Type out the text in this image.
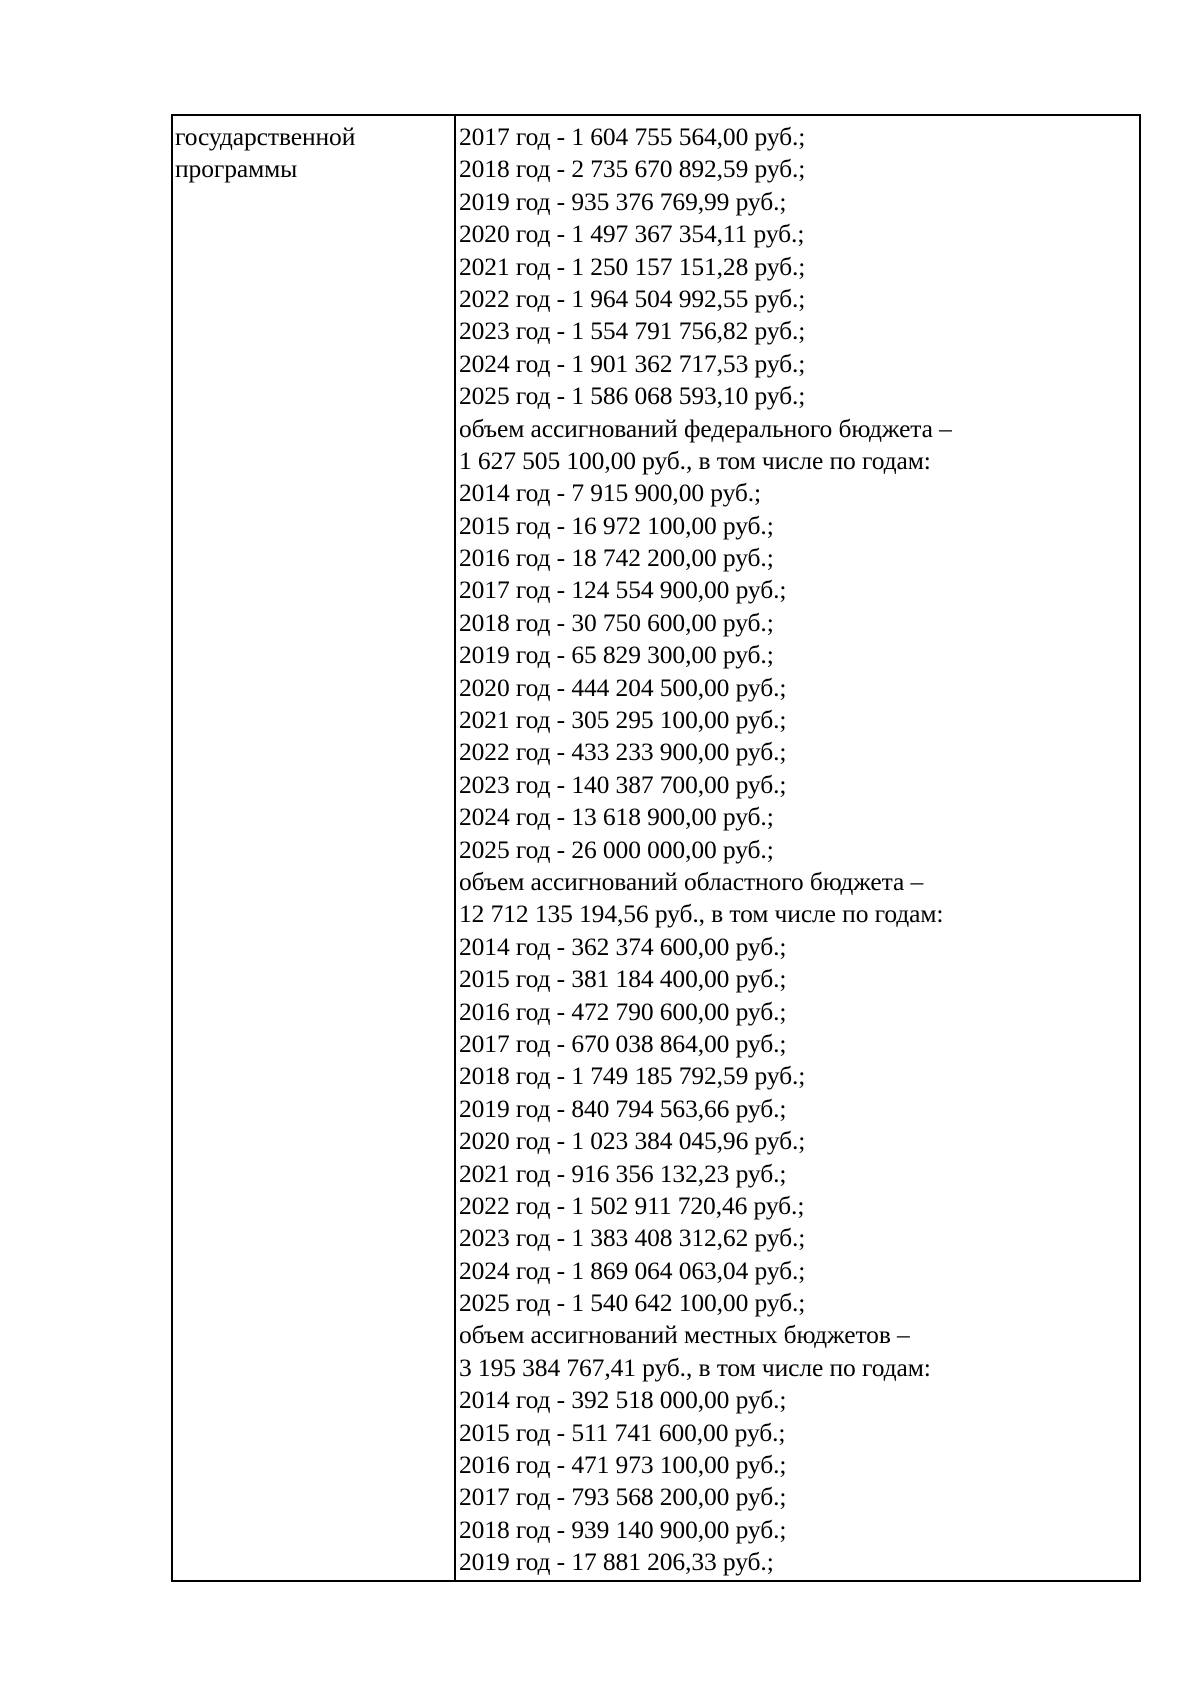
государственной
программы
2017 год - 1 604 755 564,00 руб.;
2018 год - 2 735 670 892,59 руб.;
2019 год - 935 376 769,99 руб.;
2020 год - 1 497 367 354,11 руб.;
2021 год - 1 250 157 151,28 руб.;
2022 год - 1 964 504 992,55 руб.;
2023 год - 1 554 791 756,82 руб.;
2024 год - 1 901 362 717,53 руб.;
2025 год - 1 586 068 593,10 руб.;
объем ассигнований федерального бюджета –
1 627 505 100,00 руб., в том числе по годам:
2014 год - 7 915 900,00 руб.;
2015 год - 16 972 100,00 руб.;
2016 год - 18 742 200,00 руб.;
2017 год - 124 554 900,00 руб.;
2018 год - 30 750 600,00 руб.;
2019 год - 65 829 300,00 руб.;
2020 год - 444 204 500,00 руб.;
2021 год - 305 295 100,00 руб.;
2022 год - 433 233 900,00 руб.;
2023 год - 140 387 700,00 руб.;
2024 год - 13 618 900,00 руб.;
2025 год - 26 000 000,00 руб.;
объем ассигнований областного бюджета –
12 712 135 194,56 руб., в том числе по годам:
2014 год - 362 374 600,00 руб.;
2015 год - 381 184 400,00 руб.;
2016 год - 472 790 600,00 руб.;
2017 год - 670 038 864,00 руб.;
2018 год - 1 749 185 792,59 руб.;
2019 год - 840 794 563,66 руб.;
2020 год - 1 023 384 045,96 руб.;
2021 год - 916 356 132,23 руб.;
2022 год - 1 502 911 720,46 руб.;
2023 год - 1 383 408 312,62 руб.;
2024 год - 1 869 064 063,04 руб.;
2025 год - 1 540 642 100,00 руб.;
объем ассигнований местных бюджетов –
3 195 384 767,41 руб., в том числе по годам:
2014 год - 392 518 000,00 руб.;
2015 год - 511 741 600,00 руб.;
2016 год - 471 973 100,00 руб.;
2017 год - 793 568 200,00 руб.;
2018 год - 939 140 900,00 руб.;
2019 год - 17 881 206,33 руб.;
